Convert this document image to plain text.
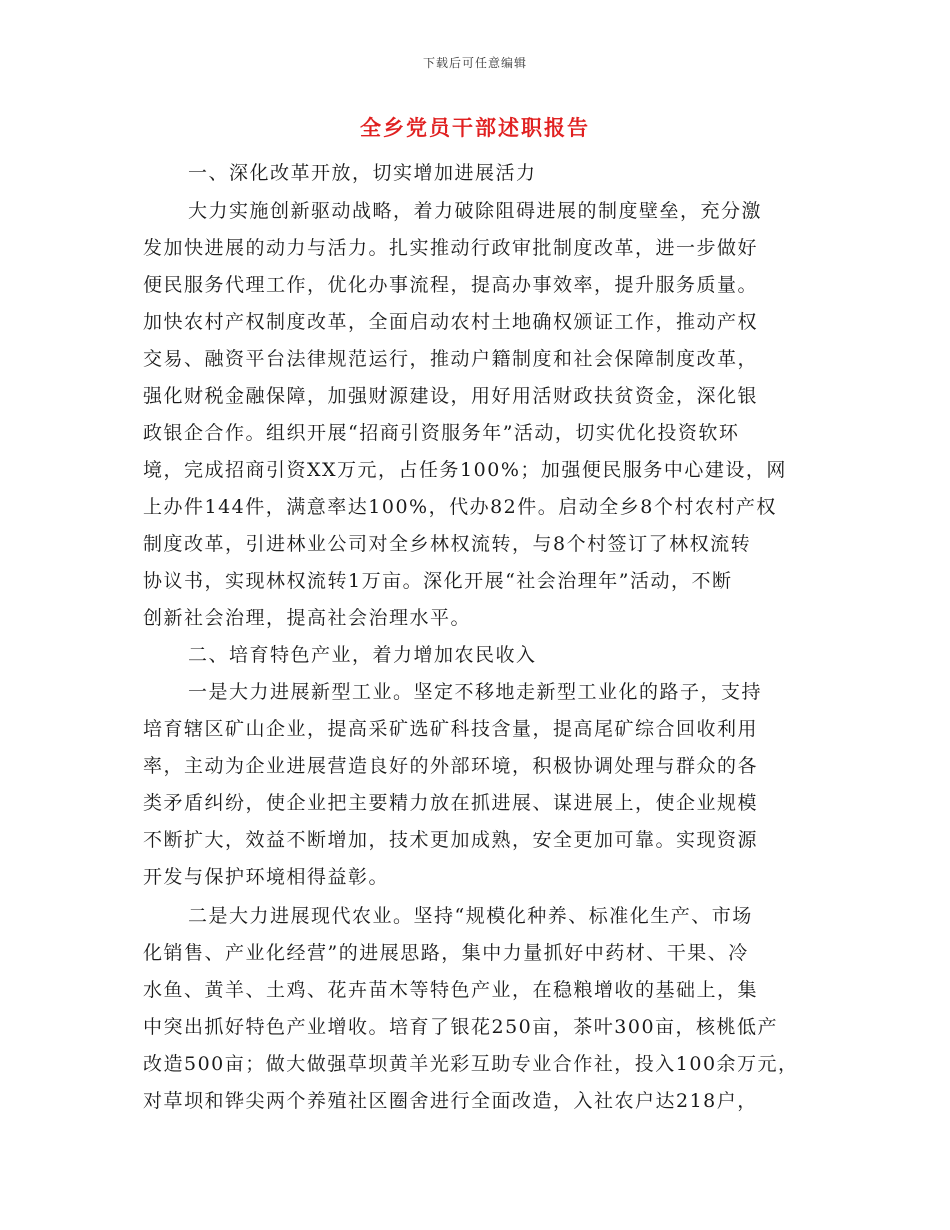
下载后可任意编辑
全乡党员干部述职报告
一、深化改革开放，切实增加进展活力
大力实施创新驱动战略，着力破除阻碍进展的制度壁垒，充分激
发加快进展的动力与活力。扎实推动行政审批制度改革，进一步做好
便民服务代理工作，优化办事流程，提高办事效率，提升服务质量。
加快农村产权制度改革，全面启动农村土地确权颁证工作，推动产权
交易、融资平台法律规范运行，推动户籍制度和社会保障制度改革，
强化财税金融保障，加强财源建设，用好用活财政扶贫资金，深化银
政银企合作。组织开展“招商引资服务年”活动，切实优化投资软环
境，完成招商引资XX万元，占任务100%；加强便民服务中心建设，网
上办件144件，满意率达100%，代办82件。启动全乡8个村农村产权
制度改革，引进林业公司对全乡林权流转，与8个村签订了林权流转
协议书，实现林权流转1万亩。深化开展“社会治理年”活动，不断
创新社会治理，提高社会治理水平。
二、培育特色产业，着力增加农民收入
一是大力进展新型工业。坚定不移地走新型工业化的路子，支持
培育辖区矿山企业，提高采矿选矿科技含量，提高尾矿综合回收利用
率，主动为企业进展营造良好的外部环境，积极协调处理与群众的各
类矛盾纠纷，使企业把主要精力放在抓进展、谋进展上，使企业规模
不断扩大，效益不断增加，技术更加成熟，安全更加可靠。实现资源
开发与保护环境相得益彰。
二是大力进展现代农业。坚持“规模化种养、标准化生产、市场
化销售、产业化经营”的进展思路，集中力量抓好中药材、干果、冷
水鱼、黄羊、土鸡、花卉苗木等特色产业，在稳粮增收的基础上，集
中突出抓好特色产业增收。培育了银花250亩，茶叶300亩，核桃低产
改造500亩；做大做强草坝黄羊光彩互助专业合作社，投入100余万元，
对草坝和铧尖两个养殖社区圈舍进行全面改造，入社农户达218户，
